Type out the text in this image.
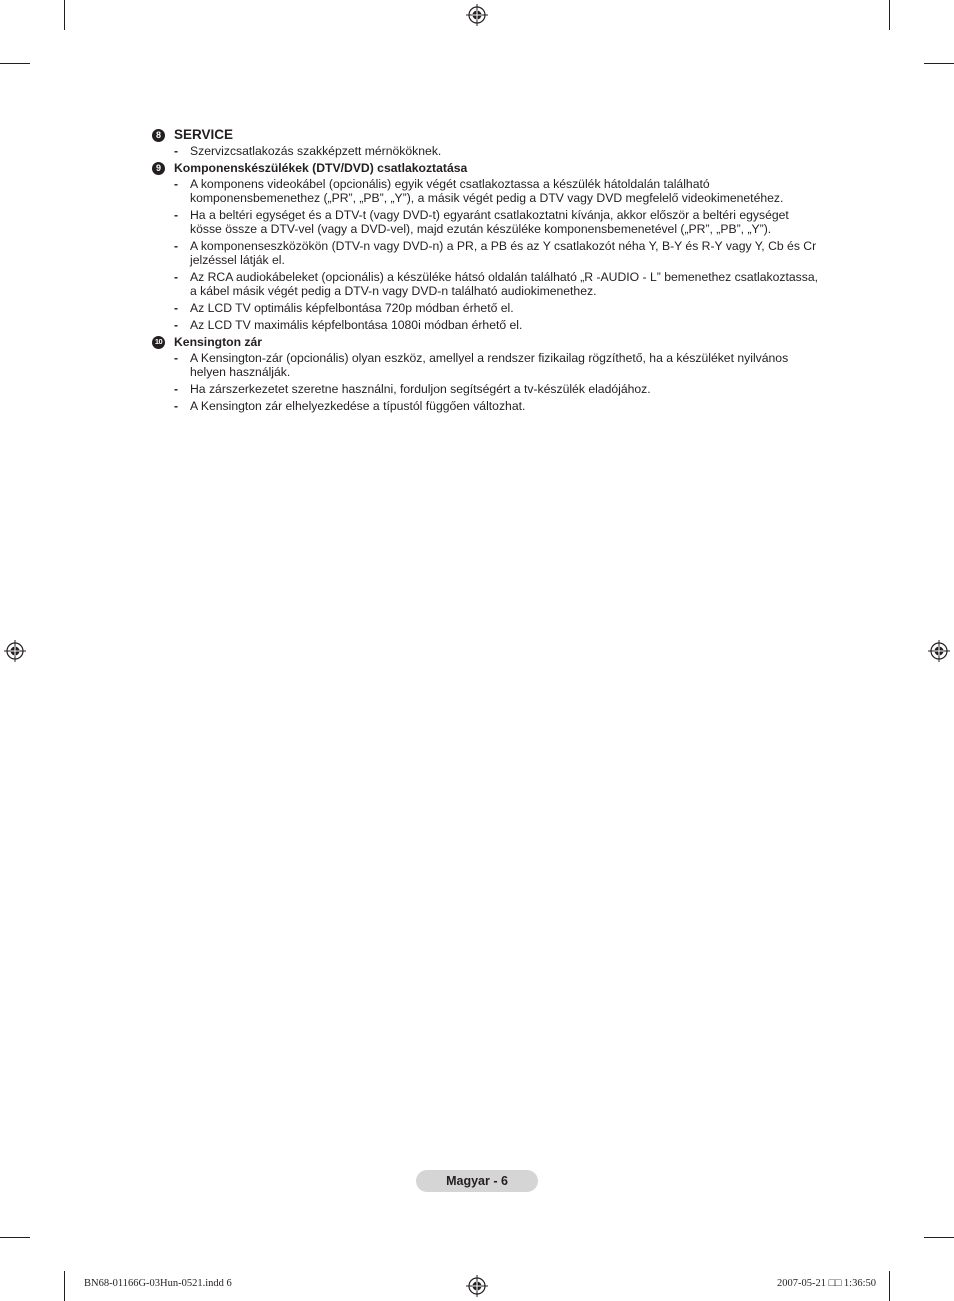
8 SERVICE
- Szervizcsatlakozás szakképzett mérnököknek.
9	Komponenskészülékek (DTV/DVD) csatlakoztatása
- A komponens videokábel (opcionális) egyik végét csatlakoztassa a készülék hátoldalán található komponensbemenethez („PR”, „PB”, „Y”), a másik végét pedig a DTV vagy DVD megfelelő videokimenetéhez.
- Ha a beltéri egységet és a DTV-t (vagy DVD-t) egyaránt csatlakoztatni kívánja, akkor először a beltéri egységet kösse össze a DTV-vel (vagy a DVD-vel), majd ezután készüléke komponensbemenetével („PR”, „PB”, „Y”).
- A komponenseszközökön (DTV-n vagy DVD-n) a PR, a PB és az Y csatlakozót néha Y, B-Y és R-Y vagy Y, Cb és Cr jelzéssel látják el.
- Az RCA audiokábeleket (opcionális) a készüléke hátsó oldalán található „R -AUDIO - L” bemenethez csatlakoztassa, a kábel másik végét pedig a DTV-n vagy DVD-n található audiokimenethez.
- Az LCD TV optimális képfelbontása 720p módban érhető el.
- Az LCD TV maximális képfelbontása 1080i módban érhető el.
10 Kensington zár
- A Kensington-zár (opcionális) olyan eszköz, amellyel a rendszer fizikailag rögzíthető, ha a készüléket nyilvános helyen használják.
- Ha zárszerkezetet szeretne használni, forduljon segítségért a tv-készülék eladójához.
- A Kensington zár elhelyezkedése a típustól függően változhat.
Magyar - 6
BN68-01166G-03Hun-0521.indd 6	2007-05-21 □□ 1:36:50
